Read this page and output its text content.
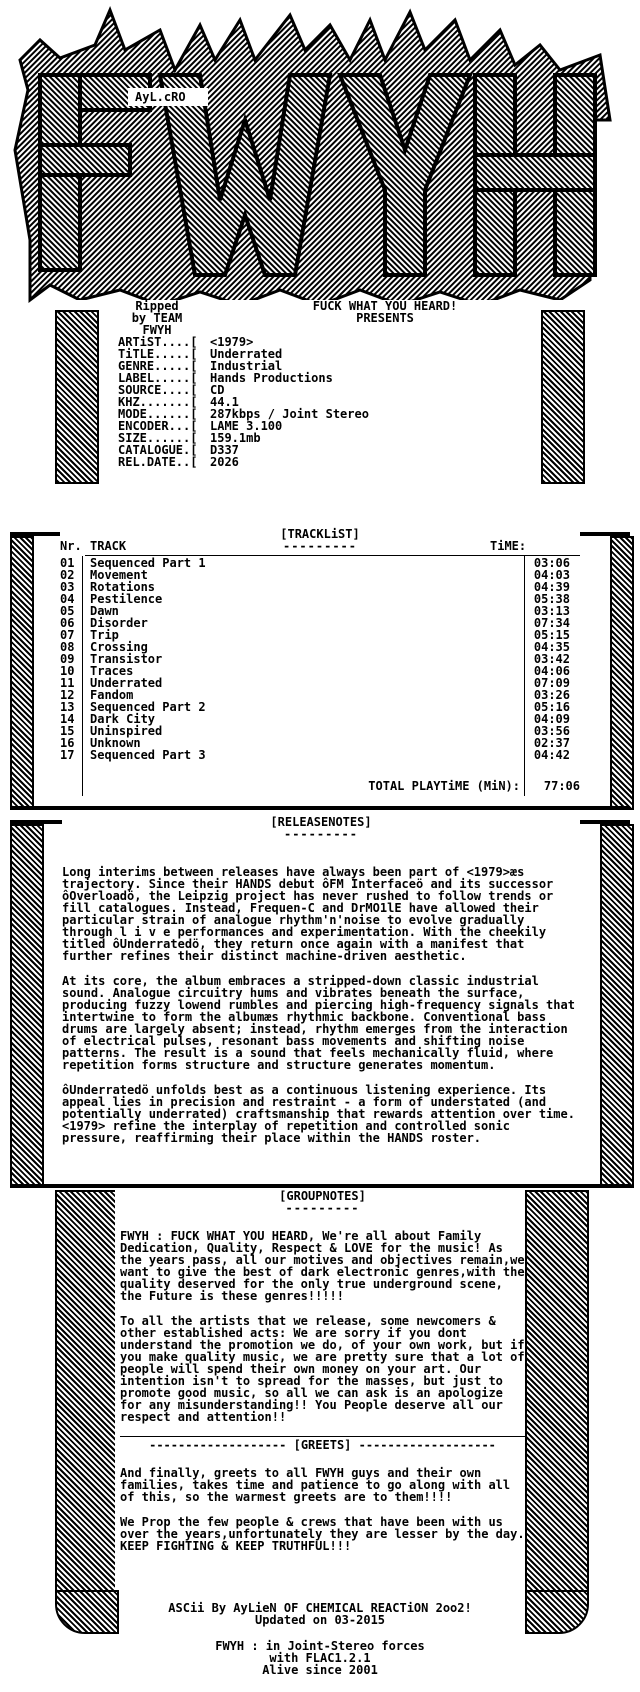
AyL.cRO
Ripped
by TEAM
FWYH
FUCK WHAT YOU HEARD!
PRESENTS
ARTiST....[	<1979>
TiTLE.....[	Underrated
GENRE.....[	Industrial
LABEL.....[	Hands Productions
SOURCE....[	CD
KHZ.......[	44.1
MODE......[	287kbps / Joint Stereo
ENCODER...[	LAME 3.100
SIZE......[	159.1mb
CATALOGUE.[	D337
REL.DATE..[	2026
[TRACKLiST]
---------
Nr. TRACK	TiME:
01	Sequenced Part 1	03:06
02	Movement	04:03
03	Rotations	04:39
04	Pestilence	05:38
05	Dawn	03:13
06	Disorder	07:34
07	Trip	05:15
08	Crossing	04:35
09	Transistor	03:42
10	Traces	04:06
11	Underrated	07:09
12	Fandom	03:26
13	Sequenced Part 2	05:16
14	Dark City	04:09
15	Uninspired	03:56
16	Unknown	02:37
17	Sequenced Part 3	04:42
TOTAL PLAYTiME (MiN):	77:06
[RELEASENOTES]
---------

Long interims between releases have always been part of <1979>æs trajectory. Since their HANDS debut ôFM Interfaceö and its successor ôOverloadö, the Leipzig project has never rushed to follow trends or fill catalogues. Instead, Frequen-C and DrMO1lE have allowed their particular strain of analogue rhythm'n'noise to evolve gradually through l i v e performances and experimentation. With the cheekily titled ôUnderratedö, they return once again with a manifest that further refines their distinct machine-driven aesthetic.

At its core, the album embraces a stripped-down classic industrial sound. Analogue circuitry hums and vibrates beneath the surface, producing fuzzy lowend rumbles and piercing high-frequency signals that intertwine to form the albumæs rhythmic backbone. Conventional bass drums are largely absent; instead, rhythm emerges from the interaction of electrical pulses, resonant bass movements and shifting noise patterns. The result is a sound that feels mechanically fluid, where repetition forms structure and structure generates momentum.

ôUnderratedö unfolds best as a continuous listening experience. Its appeal lies in precision and restraint - a form of understated (and potentially underrated) craftsmanship that rewards attention over time. <1979> refine the interplay of repetition and controlled sonic pressure, reaffirming their place within the HANDS roster.

[GROUPNOTES]
---------

FWYH : FUCK WHAT YOU HEARD, We're all about Family Dedication, Quality, Respect & LOVE for the music! As the years pass, all our motives and objectives remain,we want to give the best of dark electronic genres,with the quality deserved for the only true underground scene, the Future is these genres!!!!!

To all the artists that we release, some newcomers & other established acts: We are sorry if you dont understand the promotion we do, of your own work, but if you make quality music, we are pretty sure that a lot of people will spend their own money on your art. Our intention isn't to spread for the masses, but just to promote good music, so all we can ask is an apologize for any misunderstanding!! You People deserve all our respect and attention!!

------------------- [GREETS] -------------------

And finally, greets to all FWYH guys and their own families, takes time and patience to go along with all of this, so the warmest greets are to them!!!!

We Prop the few people & crews that have been with us over the years,unfortunately they are lesser by the day. KEEP FIGHTING & KEEP TRUTHFUL!!!

ASCii By AyLieN OF CHEMICAL REACTiON 2oo2!
Updated on 03-2015
FWYH : in Joint-Stereo forces
with FLAC1.2.1
Alive since 2001
